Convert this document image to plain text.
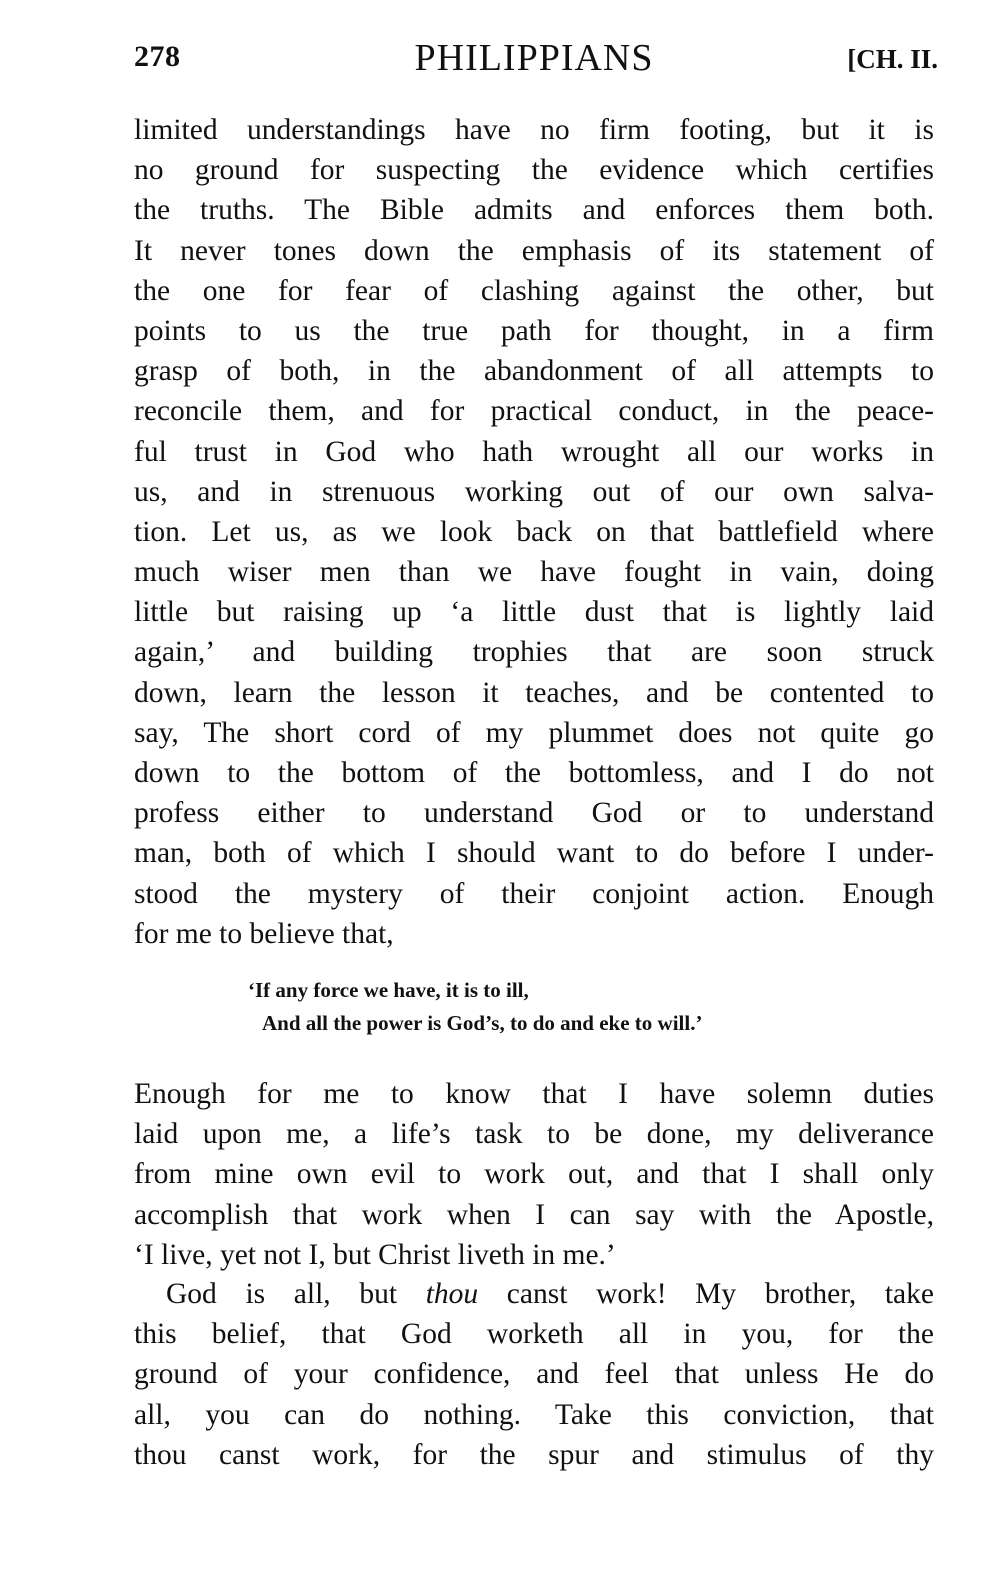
278	PHILIPPIANS	[CH. II.
limited understandings have no firm footing, but it is
no ground for suspecting the evidence which certifies
the truths. The Bible admits and enforces them both.
It never tones down the emphasis of its statement of
the one for fear of clashing against the other, but
points to us the true path for thought, in a firm
grasp of both, in the abandonment of all attempts to
reconcile them, and for practical conduct, in the peace-
ful trust in God who hath wrought all our works in
us, and in strenuous working out of our own salva-
tion. Let us, as we look back on that battlefield where
much wiser men than we have fought in vain, doing
little but raising up ‘a little dust that is lightly laid
again,’ and building trophies that are soon struck
down, learn the lesson it teaches, and be contented to
say, The short cord of my plummet does not quite go
down to the bottom of the bottomless, and I do not
profess either to understand God or to understand
man, both of which I should want to do before I under-
stood the mystery of their conjoint action. Enough
for me to believe that,
‘If any force we have, it is to ill,
And all the power is God’s, to do and eke to will.’
Enough for me to know that I have solemn duties
laid upon me, a life’s task to be done, my deliverance
from mine own evil to work out, and that I shall only
accomplish that work when I can say with the Apostle,
‘I live, yet not I, but Christ liveth in me.’
God is all, but thou canst work! My brother, take
this belief, that God worketh all in you, for the
ground of your confidence, and feel that unless He do
all, you can do nothing. Take this conviction, that
thou canst work, for the spur and stimulus of thy
